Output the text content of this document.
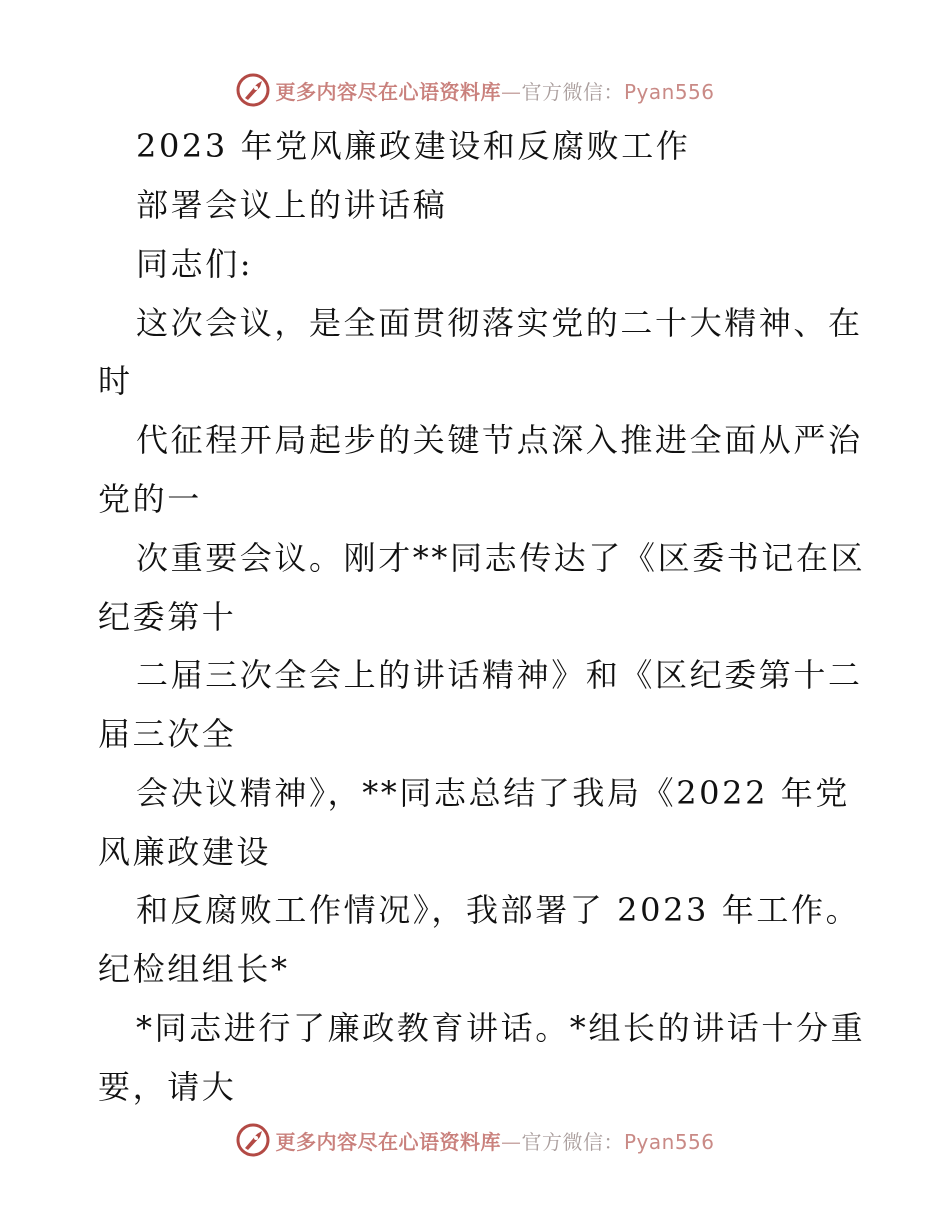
更多内容尽在心语资料库—官方微信：Pyan556
2023 年党风廉政建设和反腐败工作
部署会议上的讲话稿
同志们:
这次会议，是全面贯彻落实党的二十大精神、在
时
代征程开局起步的关键节点深入推进全面从严治
党的一
次重要会议。刚才**同志传达了《区委书记在区
纪委第十
二届三次全会上的讲话精神》和《区纪委第十二
届三次全
会决议精神》，**同志总结了我局《2022 年党
风廉政建设
和反腐败工作情况》，我部署了 2023 年工作。
纪检组组长*
*同志进行了廉政教育讲话。*组长的讲话十分重
要，请大
更多内容尽在心语资料库—官方微信：Pyan556
